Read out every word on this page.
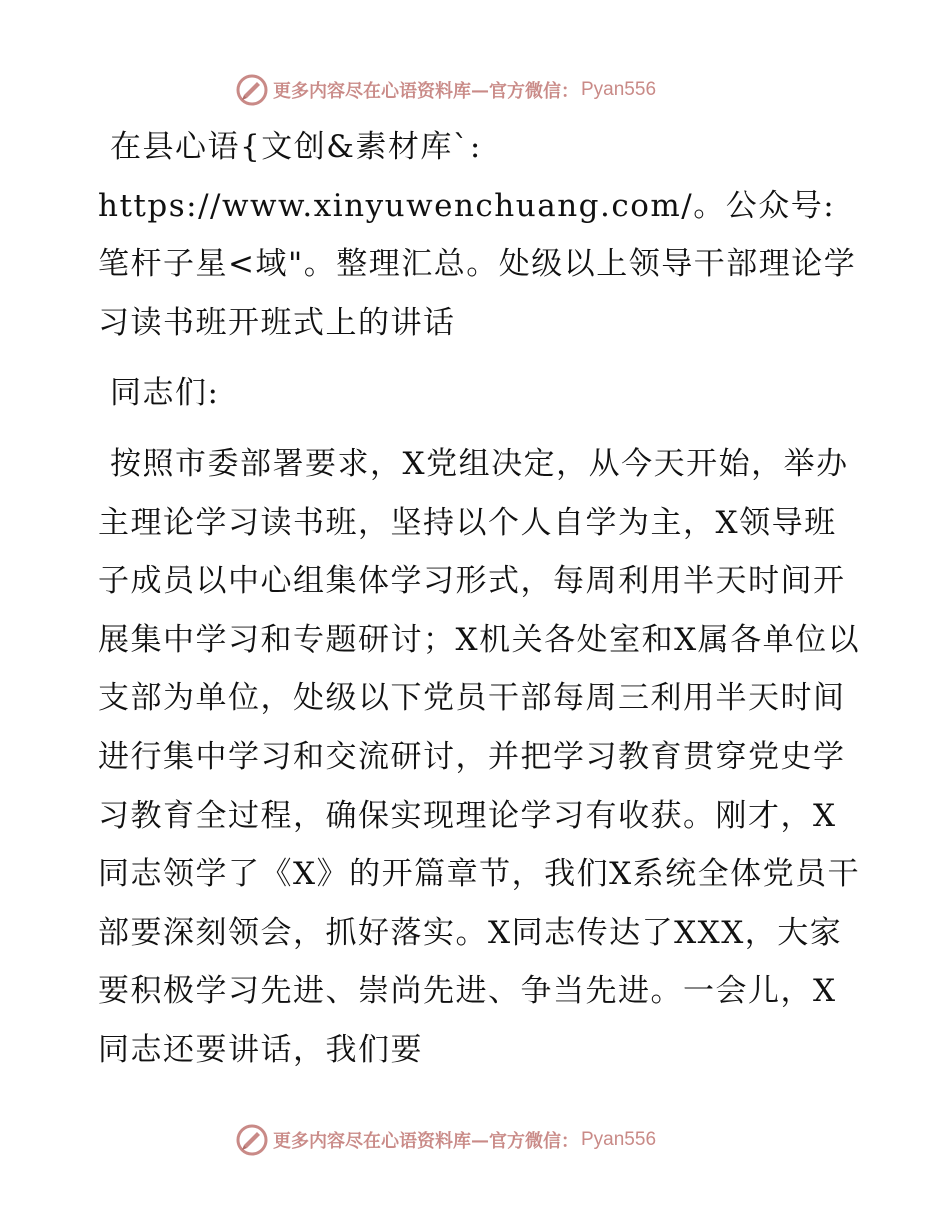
更多内容尽在心语资料库 — 官方微信： Pyan556

在县心语{文创&素材库`: https://www.xinyuwenchuang.com/。公众号: 笔杆子星<域"。整理汇总。处级以上领导干部理论学习读书班开班式上的讲话

同志们:

按照市委部署要求，X党组决定，从今天开始，举办主理论学习读书班，坚持以个人自学为主，X领导班子成员以中心组集体学习形式，每周利用半天时间开展集中学习和专题研讨；X机关各处室和X属各单位以支部为单位，处级以下党员干部每周三利用半天时间进行集中学习和交流研讨，并把学习教育贯穿党史学习教育全过程，确保实现理论学习有收获。刚才，X同志领学了《X》的开篇章节，我们X系统全体党员干部要深刻领会，抓好落实。X同志传达了XXX，大家要积极学习先进、崇尚先进、争当先进。一会儿，X同志还要讲话，我们要

更多内容尽在心语资料库 — 官方微信： Pyan556
